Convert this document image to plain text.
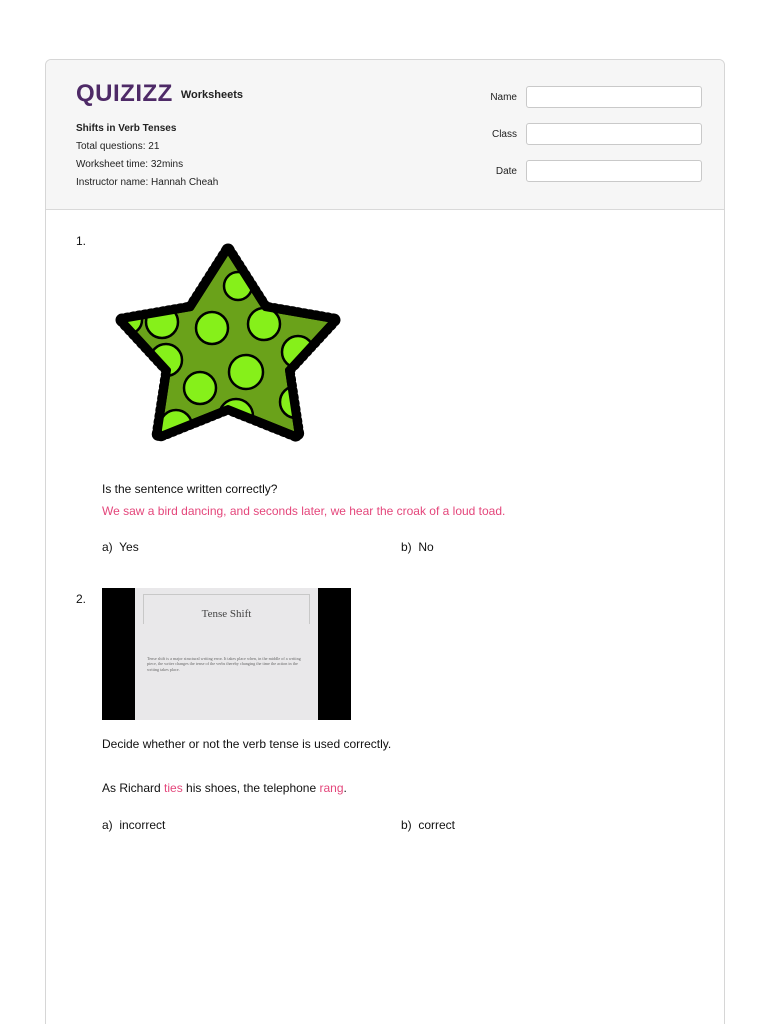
QUIZIZZ Worksheets
Shifts in Verb Tenses
Total questions: 21
Worksheet time: 32mins
Instructor name: Hannah Cheah
Name
Class
Date
1.
Is the sentence written correctly?
We saw a bird dancing, and seconds later, we hear the croak of a loud toad.
a) Yes	b) No
2.
Tense Shift
Tense shift is a major structural writing error. It takes place when, in the middle of a writing piece, the writer changes the tense of the verbs thereby changing the time the action in the writing takes place.
Decide whether or not the verb tense is used correctly.
As Richard ties his shoes, the telephone rang.
a) incorrect	b) correct
